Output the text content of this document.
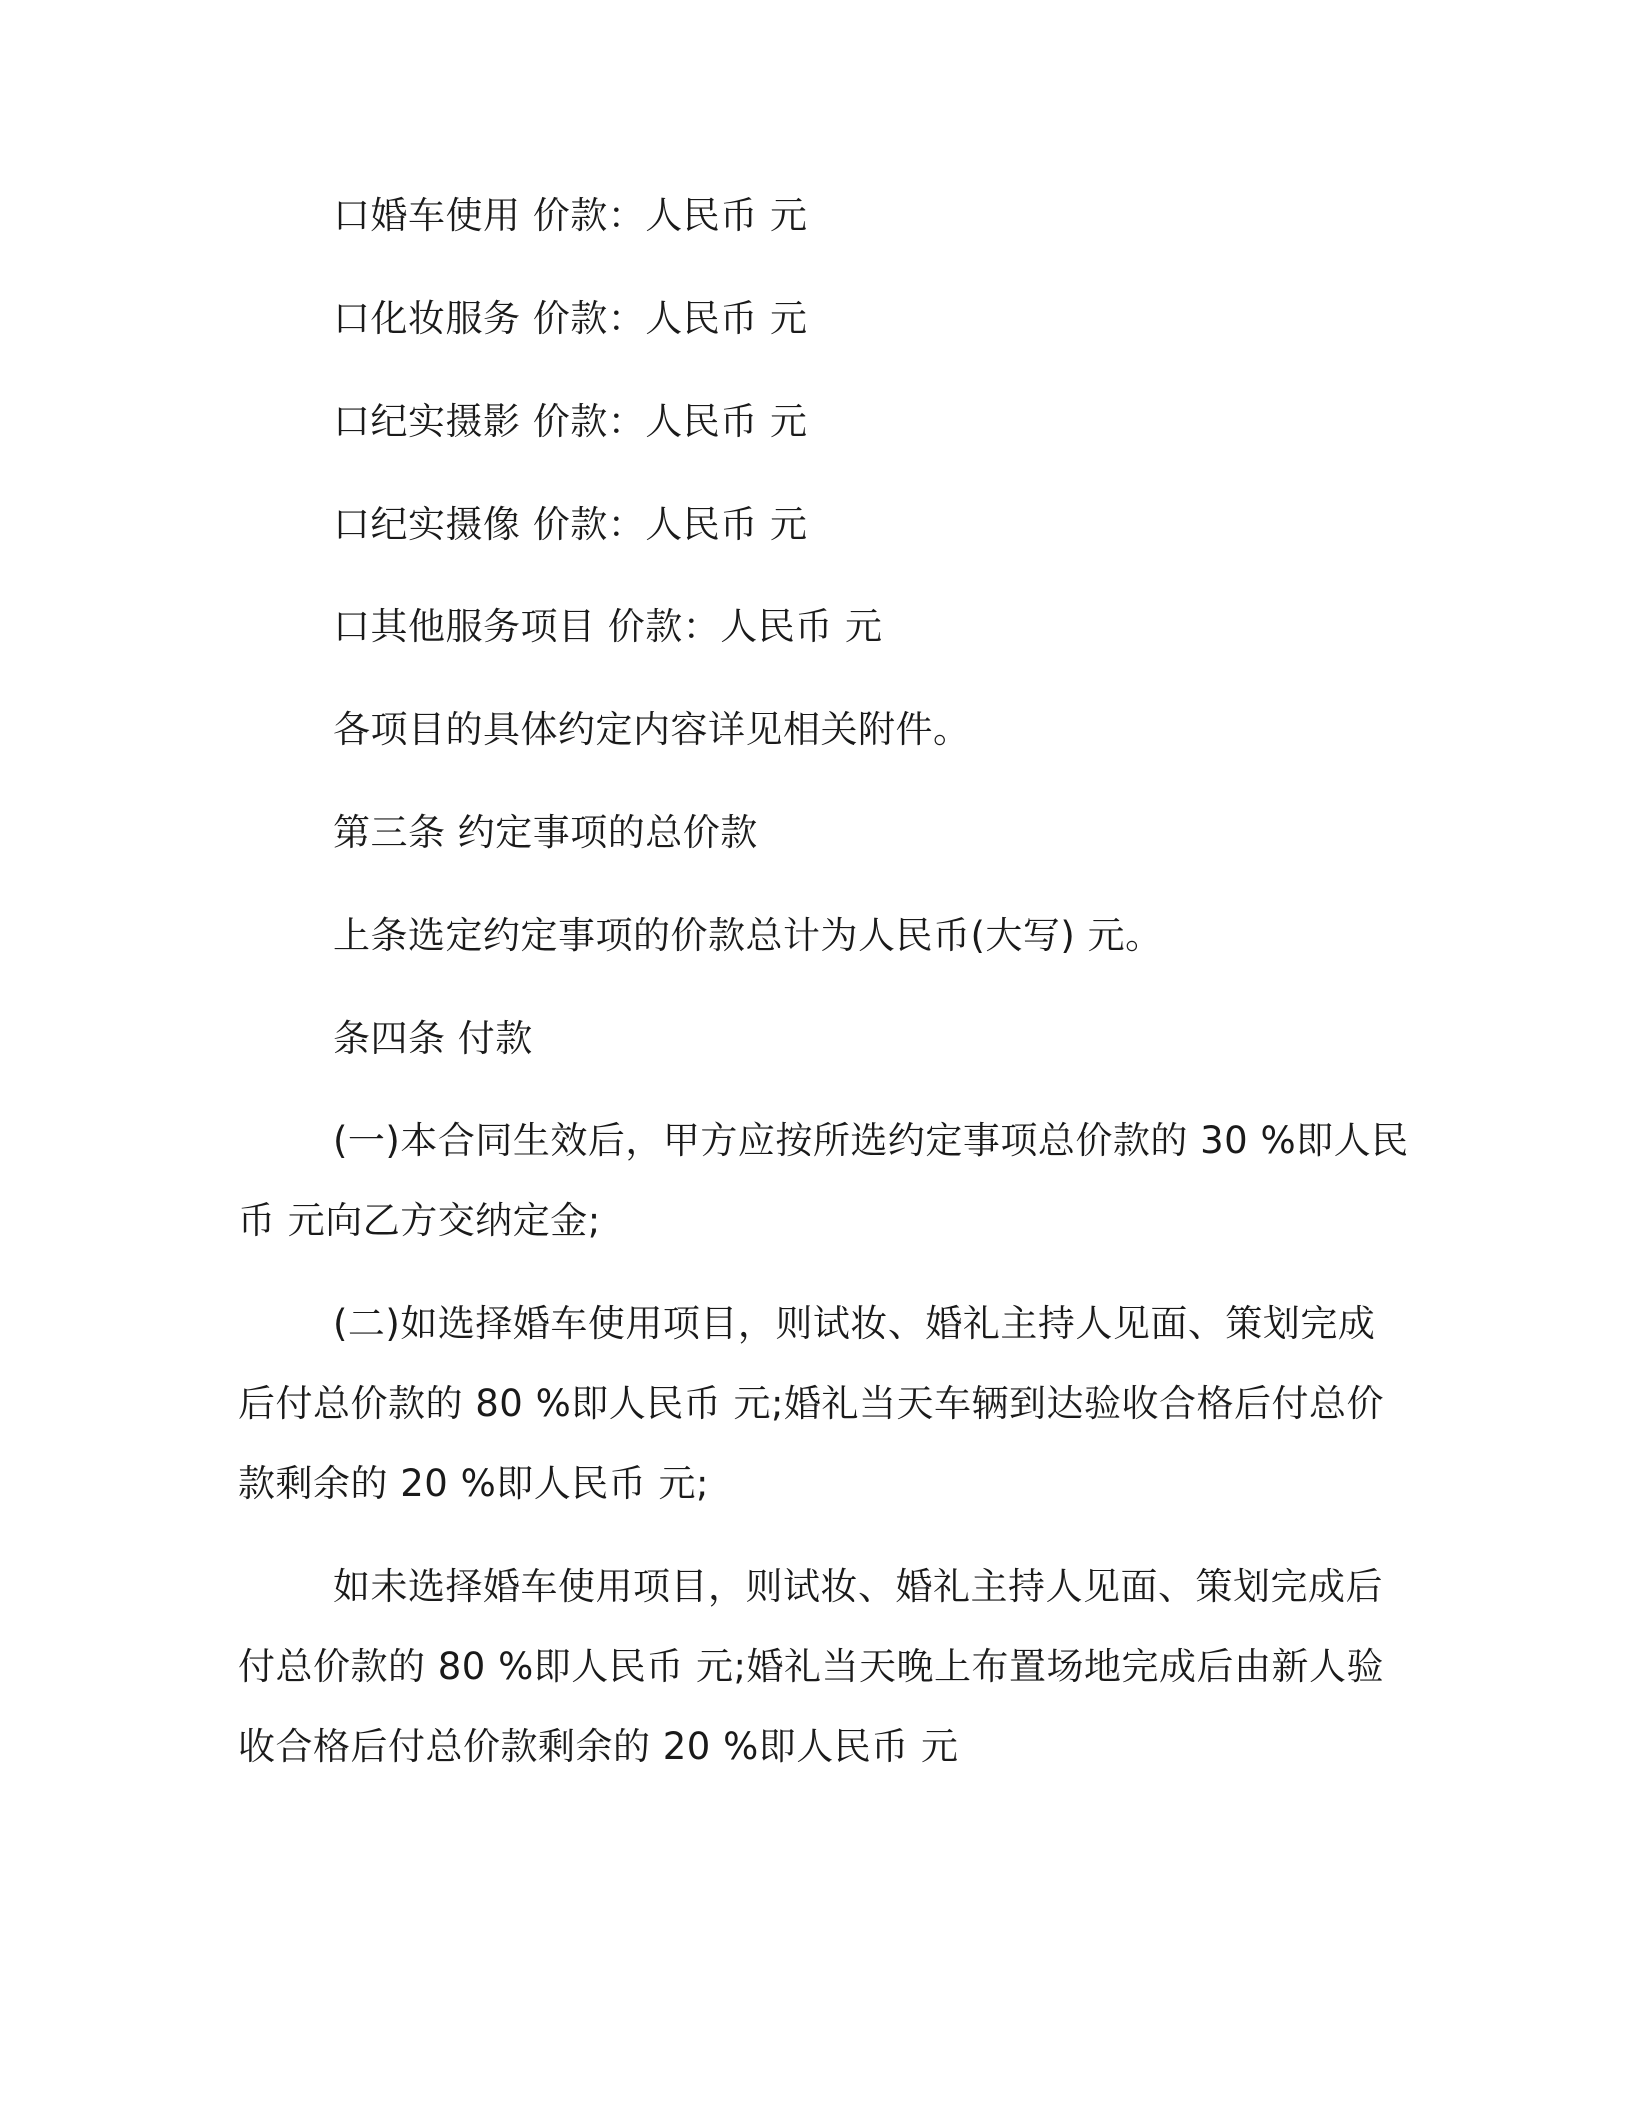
口婚车使用 价款：人民币 元
口化妆服务 价款：人民币 元
口纪实摄影 价款：人民币 元
口纪实摄像 价款：人民币 元
口其他服务项目 价款：人民币 元
各项目的具体约定内容详见相关附件。
第三条 约定事项的总价款
上条选定约定事项的价款总计为人民币(大写) 元。
条四条 付款
(一)本合同生效后，甲方应按所选约定事项总价款的 30 %即人民
币 元向乙方交纳定金;
(二)如选择婚车使用项目，则试妆、婚礼主持人见面、策划完成
后付总价款的 80 %即人民币 元;婚礼当天车辆到达验收合格后付总价
款剩余的 20 %即人民币 元;
如未选择婚车使用项目，则试妆、婚礼主持人见面、策划完成后
付总价款的 80 %即人民币 元;婚礼当天晚上布置场地完成后由新人验
收合格后付总价款剩余的 20 %即人民币 元
